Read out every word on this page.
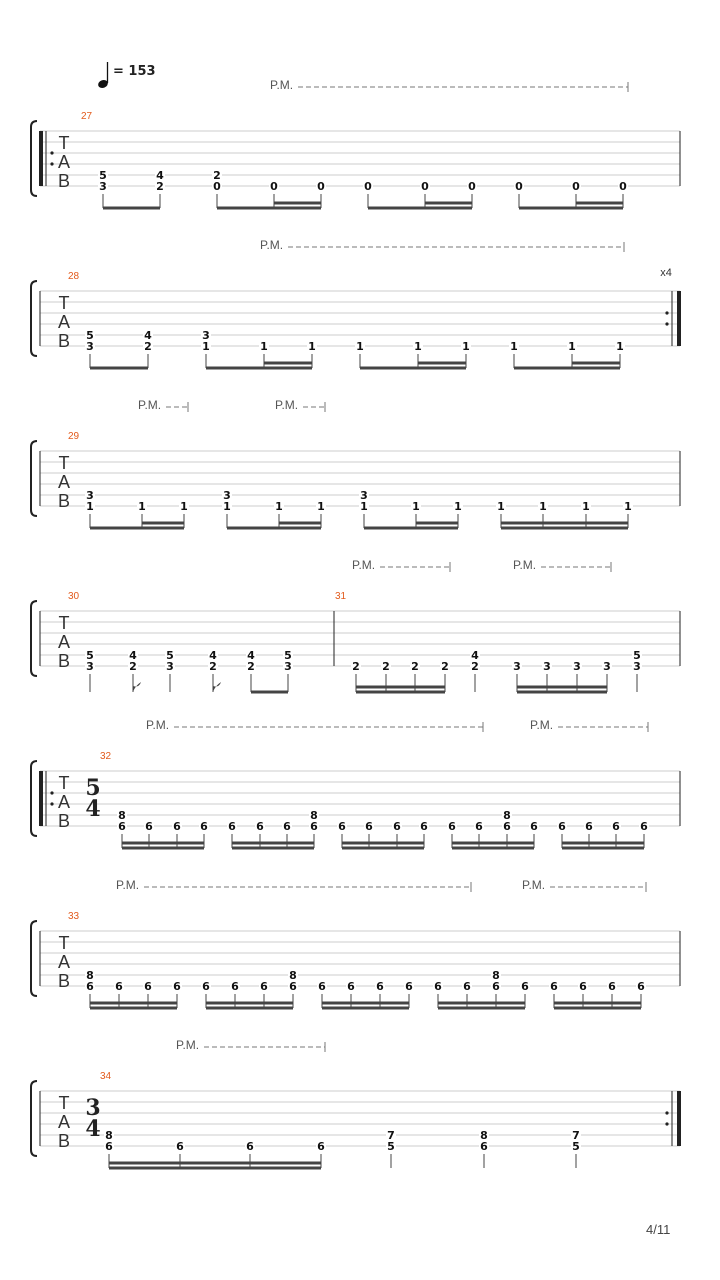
= 153
T
A
B
27
P.M.
3
5
2
4
0
2
0	0	0	0	0	0	0	0
T
A
B
x4
28
P.M.
3
5
2
4
1
3
1	1	1	1	1	1	1	1
T
A
B
29
P.M.	P.M.
1
3
1	1	1
3
1	1	1
3
1	1	1	1	1	1
T
A
B
30	31
P.M.	P.M.
3
5
2
4
3
5
2
4
2
4
3
5
2 2 2 2 2
4
3 3 3 3 3
5
T
A
B
32
5
4
P.M.	P.M.
6
8
6 6 6 6 6 6 6
8
6 6 6 6 6 6 6
8
6 6 6 6 6
T
A
B
33
P.M.	P.M.
6
8
6 6 6 6 6 6 6
8
6 6 6 6 6 6 6
8
6 6 6 6 6
T
A
B
34
3
4
P.M.
6
8
6	6	6	5
7
6
8
5
7
4/11
